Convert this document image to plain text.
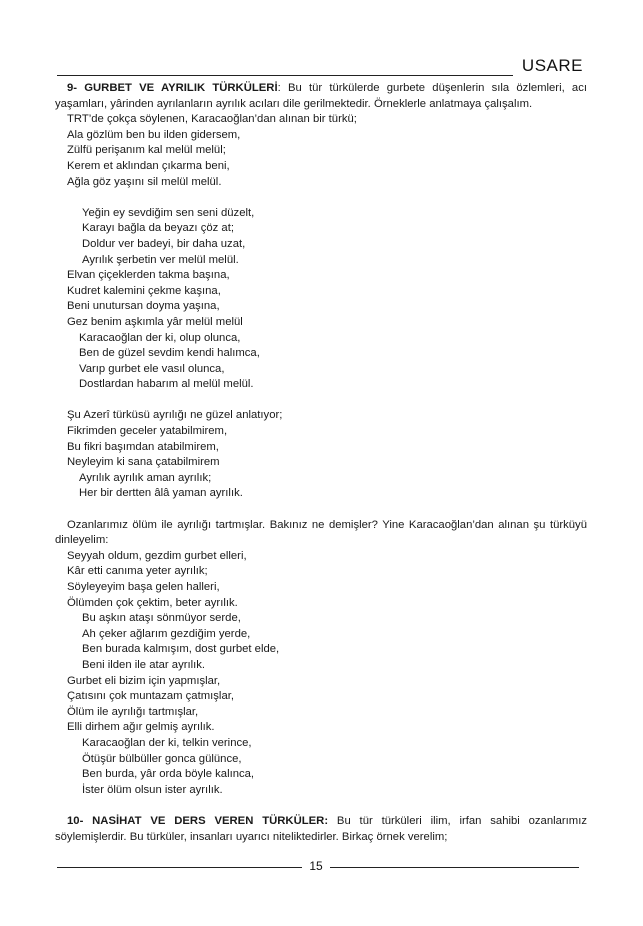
USARE

9- GURBET VE AYRILIK TÜRKÜLERİ: Bu tür türkülerde gurbete düşenlerin sıla özlemleri, acı yaşamları, yârinden ayrılanların ayrılık acıları dile gerilmektedir. Örneklerle anlatmaya çalışalım.

TRT’de çokça söylenen, Karacaoğlan’dan alınan bir türkü;

Ala gözlüm ben bu ilden gidersem,

Zülfü perişanım kal melül melül;

Kerem et aklından çıkarma beni,

Ağla göz yaşını sil melül melül.

Yeğin ey sevdiğim sen seni düzelt,

Karayı bağla da beyazı çöz at;

Doldur ver badeyi, bir daha uzat,

Ayrılık şerbetin ver melül melül.

Elvan çiçeklerden takma başına,

Kudret kalemini çekme kaşına,

Beni unutursan doyma yaşına,

Gez benim aşkımla yâr melül melül

Karacaoğlan der ki, olup olunca,

Ben de güzel sevdim kendi halımca,

Varıp gurbet ele vasıl olunca,

Dostlardan habarım al melül melül.

Şu Azerî türküsü ayrılığı ne güzel anlatıyor;

Fikrimden geceler yatabilmirem,

Bu fikri başımdan atabilmirem,

Neyleyim ki sana çatabilmirem

Ayrılık ayrılık aman ayrılık;

Her bir dertten âlâ yaman ayrılık.

Ozanlarımız ölüm ile ayrılığı tartmışlar. Bakınız ne demişler? Yine Karacaoğlan’dan alınan şu türküyü dinleyelim:

Seyyah oldum, gezdim gurbet elleri,

Kâr etti canıma yeter ayrılık;

Söyleyeyim başa gelen halleri,

Ölümden çok çektim, beter ayrılık.

Bu aşkın ataşı sönmüyor serde,

Ah çeker ağlarım gezdiğim yerde,

Ben burada kalmışım, dost gurbet elde,

Beni ilden ile atar ayrılık.

Gurbet eli bizim için yapmışlar,

Çatısını çok muntazam çatmışlar,

Ölüm ile ayrılığı tartmışlar,

Elli dirhem ağır gelmiş ayrılık.

Karacaoğlan der ki, telkin verince,

Ötüşür bülbüller gonca gülünce,

Ben burda, yâr orda böyle kalınca,

İster ölüm olsun ister ayrılık.

10- NASİHAT VE DERS VEREN TÜRKÜLER: Bu tür türküleri ilim, irfan sahibi ozanlarımız söylemişlerdir. Bu türküler, insanları uyarıcı niteliktedirler. Birkaç örnek verelim;

15
